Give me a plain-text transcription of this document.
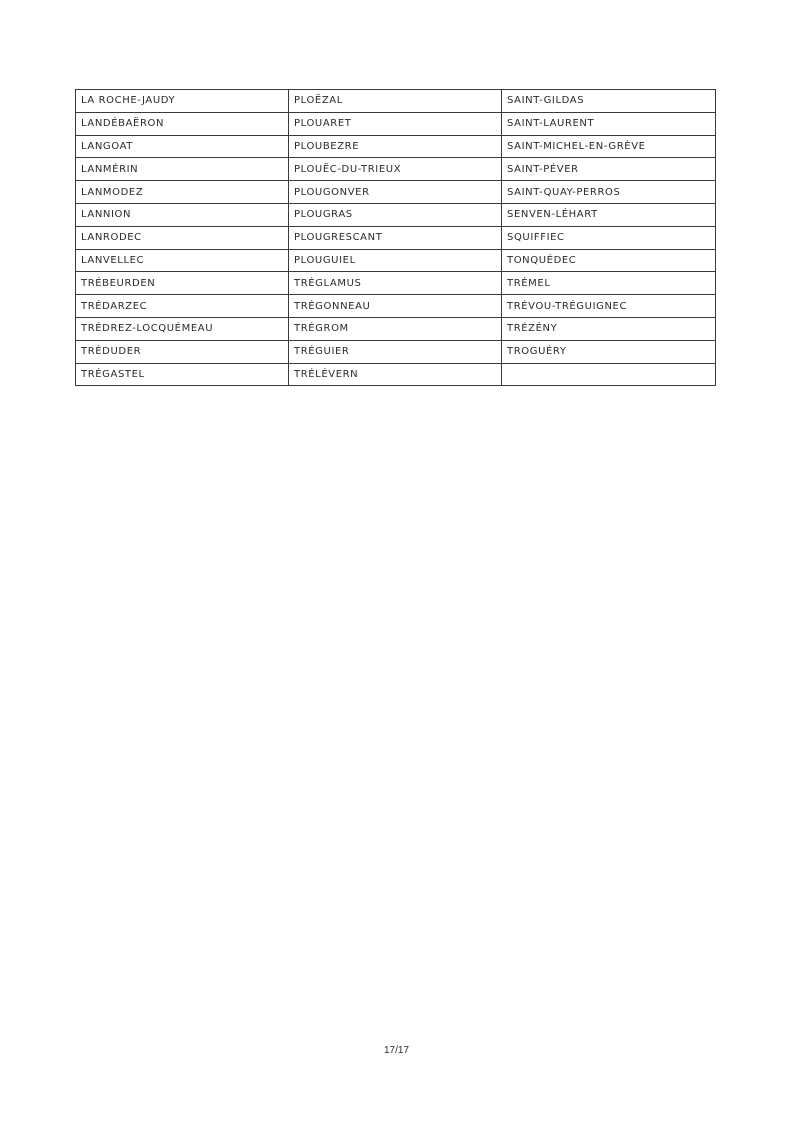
LA ROCHE-JAUDY	PLOËZAL	SAINT-GILDAS
LANDÉBAËRON	PLOUARET	SAINT-LAURENT
LANGOAT	PLOUBEZRE	SAINT-MICHEL-EN-GRÈVE
LANMÉRIN	PLOUËC-DU-TRIEUX	SAINT-PÉVER
LANMODEZ	PLOUGONVER	SAINT-QUAY-PERROS
LANNION	PLOUGRAS	SENVEN-LÉHART
LANRODEC	PLOUGRESCANT	SQUIFFIEC
LANVELLEC	PLOUGUIEL	TONQUÉDEC
TRÉBEURDEN	TRÉGLAMUS	TRÉMEL
TRÉDARZEC	TRÉGONNEAU	TRÉVOU-TRÉGUIGNEC
TRÉDREZ-LOCQUÉMEAU	TRÉGROM	TRÉZÉNY
TRÉDUDER	TRÉGUIER	TROGUÉRY
TRÉGASTEL	TRÉLÉVERN	
17/17
